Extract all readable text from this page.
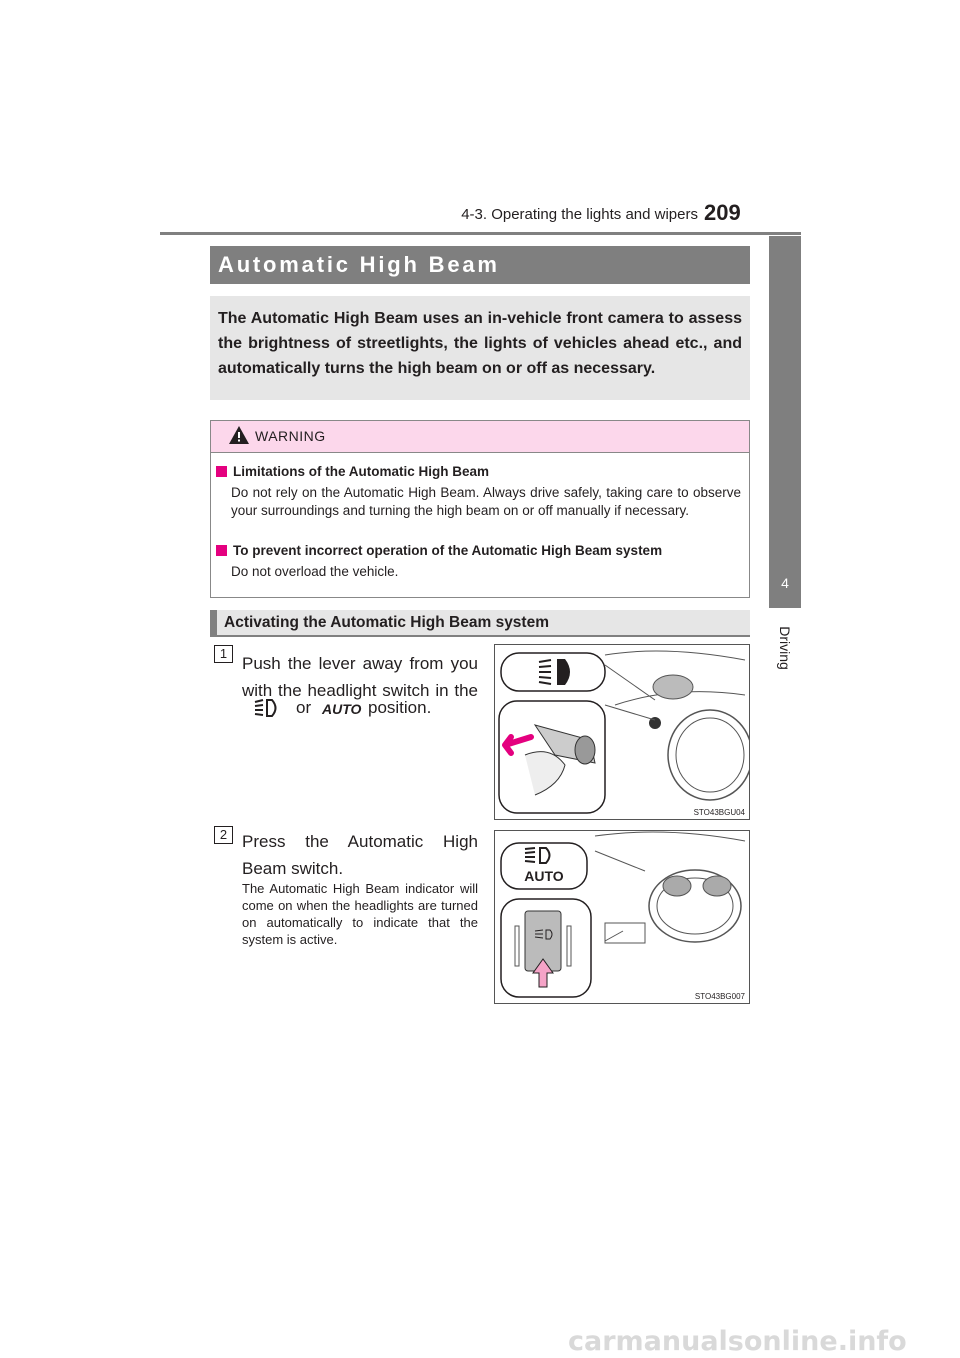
4-3. Operating the lights and wipers 209
4
Driving
Automatic High Beam

The Automatic High Beam uses an in-vehicle front camera to assess the brightness of streetlights, the lights of vehicles ahead etc., and automatically turns the high beam on or off as necessary.

WARNING
Limitations of the Automatic High Beam
Do not rely on the Automatic High Beam. Always drive safely, taking care to observe your surroundings and turning the high beam on or off manually if necessary.
To prevent incorrect operation of the Automatic High Beam system
Do not overload the vehicle.
Activating the Automatic High Beam system
1
Push the lever away from you
with the headlight switch in the
or AUTO position.
STO43BGU04
2 Press the Automatic High Beam switch.
The Automatic High Beam indicator will come on when the headlights are turned on automatically to indicate that the system is active.
AUTO
STO43BG007
carmanualsonline.info
